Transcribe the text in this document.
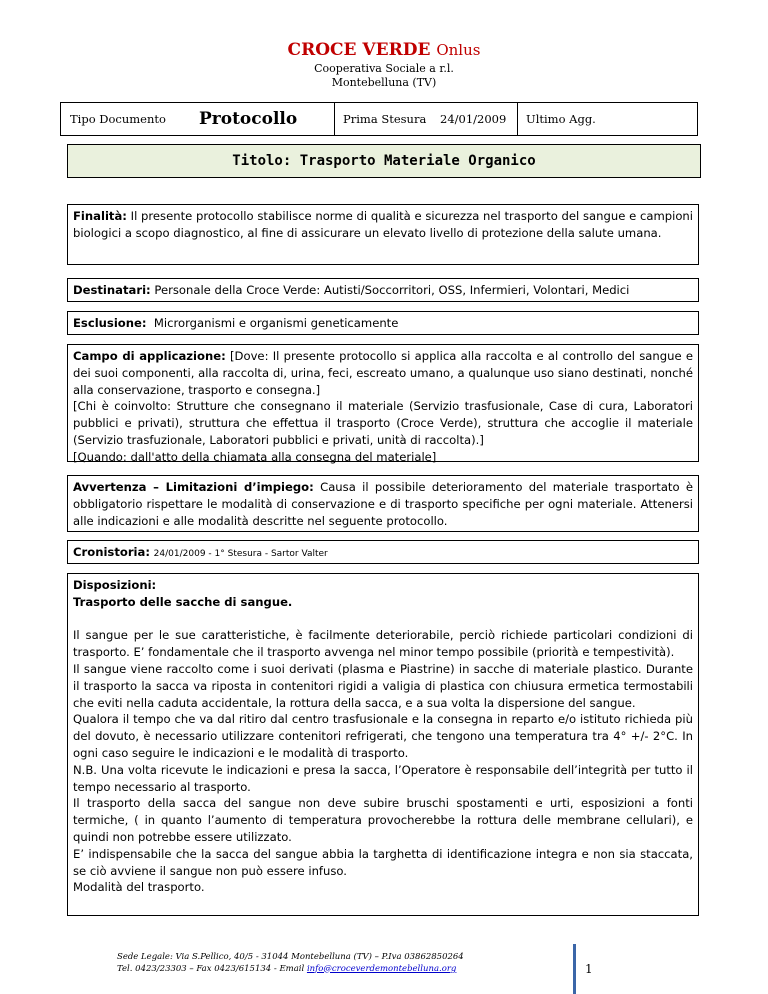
CROCE VERDE Onlus
Cooperativa Sociale a r.l.
Montebelluna (TV)
Tipo Documento	Protocollo	Prima Stesura	24/01/2009	Ultimo Agg.
Titolo: Trasporto Materiale Organico
Finalità: Il presente protocollo stabilisce norme di qualità e sicurezza nel trasporto del sangue e campioni biologici a scopo diagnostico, al fine di assicurare un elevato livello di protezione della salute umana.
Destinatari: Personale della Croce Verde: Autisti/Soccorritori, OSS, Infermieri, Volontari, Medici
Esclusione: Microrganismi e organismi geneticamente

Campo di applicazione: [Dove: Il presente protocollo si applica alla raccolta e al controllo del sangue e dei suoi componenti, alla raccolta di, urina, feci, escreato umano, a qualunque uso siano destinati, nonché alla conservazione, trasporto e consegna.]

[Chi è coinvolto: Strutture che consegnano il materiale (Servizio trasfusionale, Case di cura, Laboratori pubblici e privati), struttura che effettua il trasporto (Croce Verde), struttura che accoglie il materiale (Servizio trasfuzionale, Laboratori pubblici e privati, unità di raccolta).]

[Quando: dall'atto della chiamata alla consegna del materiale]

Avvertenza – Limitazioni d’impiego: Causa il possibile deterioramento del materiale trasportato è obbligatorio rispettare le modalità di conservazione e di trasporto specifiche per ogni materiale. Attenersi alle indicazioni e alle modalità descritte nel seguente protocollo.
Cronistoria: 24/01/2009 - 1° Stesura - Sartor Valter

Disposizioni:

Trasporto delle sacche di sangue.

Il sangue per le sue caratteristiche, è facilmente deteriorabile, perciò richiede particolari condizioni di trasporto. E’ fondamentale che il trasporto avvenga nel minor tempo possibile (priorità e tempestività).

Il sangue viene raccolto come i suoi derivati (plasma e Piastrine) in sacche di materiale plastico. Durante il trasporto la sacca va riposta in contenitori rigidi a valigia di plastica con chiusura ermetica termostabili che eviti nella caduta accidentale, la rottura della sacca, e a sua volta la dispersione del sangue.

Qualora il tempo che va dal ritiro dal centro trasfusionale e la consegna in reparto e/o istituto richieda più del dovuto, è necessario utilizzare contenitori refrigerati, che tengono una temperatura tra 4° +/- 2°C. In ogni caso seguire le indicazioni e le modalità di trasporto.

N.B. Una volta ricevute le indicazioni e presa la sacca, l’Operatore è responsabile dell’integrità per tutto il tempo necessario al trasporto.

Il trasporto della sacca del sangue non deve subire bruschi spostamenti e urti, esposizioni a fonti termiche, ( in quanto l’aumento di temperatura provocherebbe la rottura delle membrane cellulari), e quindi non potrebbe essere utilizzato.

E’ indispensabile che la sacca del sangue abbia la targhetta di identificazione integra e non sia staccata, se ciò avviene il sangue non può essere infuso.

Modalità del trasporto.

Sede Legale: Via S.Pellico, 40/5 - 31044 Montebelluna (TV) – P.Iva 03862850264
Tel. 0423/23303 – Fax 0423/615134 - Email info@croceverdemontebelluna.org	1
